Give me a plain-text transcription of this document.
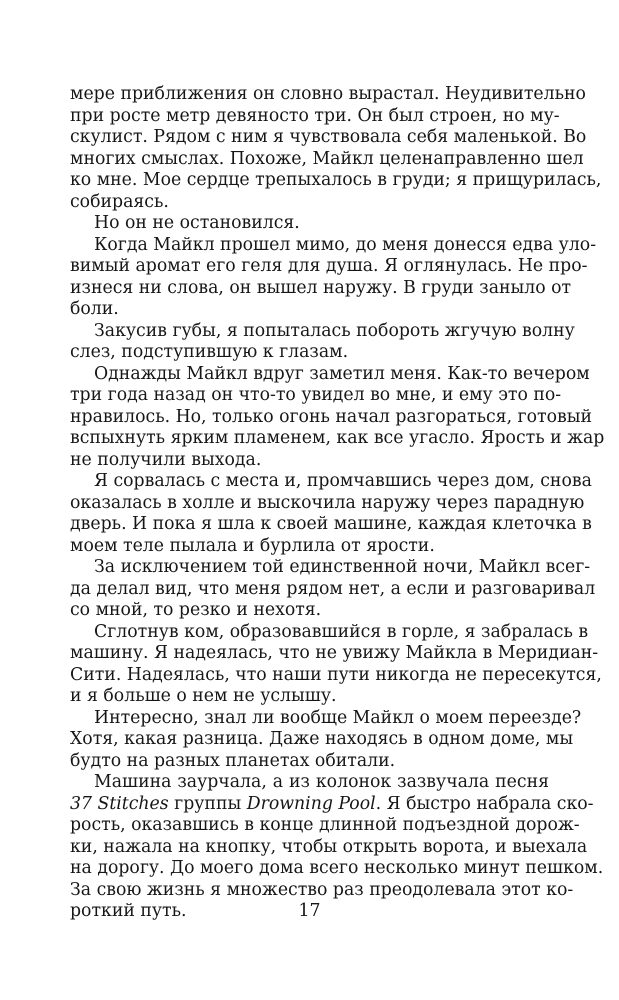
мере приближения он словно вырастал. Неудивительно
при росте метр девяносто три. Он был строен, но му-
скулист. Рядом с ним я чувствовала себя маленькой. Во
многих смыслах. Похоже, Майкл целенаправленно шел
ко мне. Мое сердце трепыхалось в груди; я прищурилась,
собираясь.
Но он не остановился.
Когда Майкл прошел мимо, до меня донесся едва уло-
вимый аромат его геля для душа. Я оглянулась. Не про-
изнеся ни слова, он вышел наружу. В груди заныло от
боли.
Закусив губы, я попыталась побороть жгучую волну
слез, подступившую к глазам.
Однажды Майкл вдруг заметил меня. Как-то вечером
три года назад он что-то увидел во мне, и ему это по-
нравилось. Но, только огонь начал разгораться, готовый
вспыхнуть ярким пламенем, как все угасло. Ярость и жар
не получили выхода.
Я сорвалась с места и, промчавшись через дом, снова
оказалась в холле и выскочила наружу через парадную
дверь. И пока я шла к своей машине, каждая клеточка в
моем теле пылала и бурлила от ярости.
За исключением той единственной ночи, Майкл всег-
да делал вид, что меня рядом нет, а если и разговаривал
со мной, то резко и нехотя.
Сглотнув ком, образовавшийся в горле, я забралась в
машину. Я надеялась, что не увижу Майкла в Меридиан-
Сити. Надеялась, что наши пути никогда не пересекутся,
и я больше о нем не услышу.
Интересно, знал ли вообще Майкл о моем переезде?
Хотя, какая разница. Даже находясь в одном доме, мы
будто на разных планетах обитали.
Машина заурчала, а из колонок зазвучала песня
37 Stitches группы Drowning Pool. Я быстро набрала ско-
рость, оказавшись в конце длинной подъездной дорож-
ки, нажала на кнопку, чтобы открыть ворота, и выехала
на дорогу. До моего дома всего несколько минут пешком.
За свою жизнь я множество раз преодолевала этот ко-
роткий путь.	17
